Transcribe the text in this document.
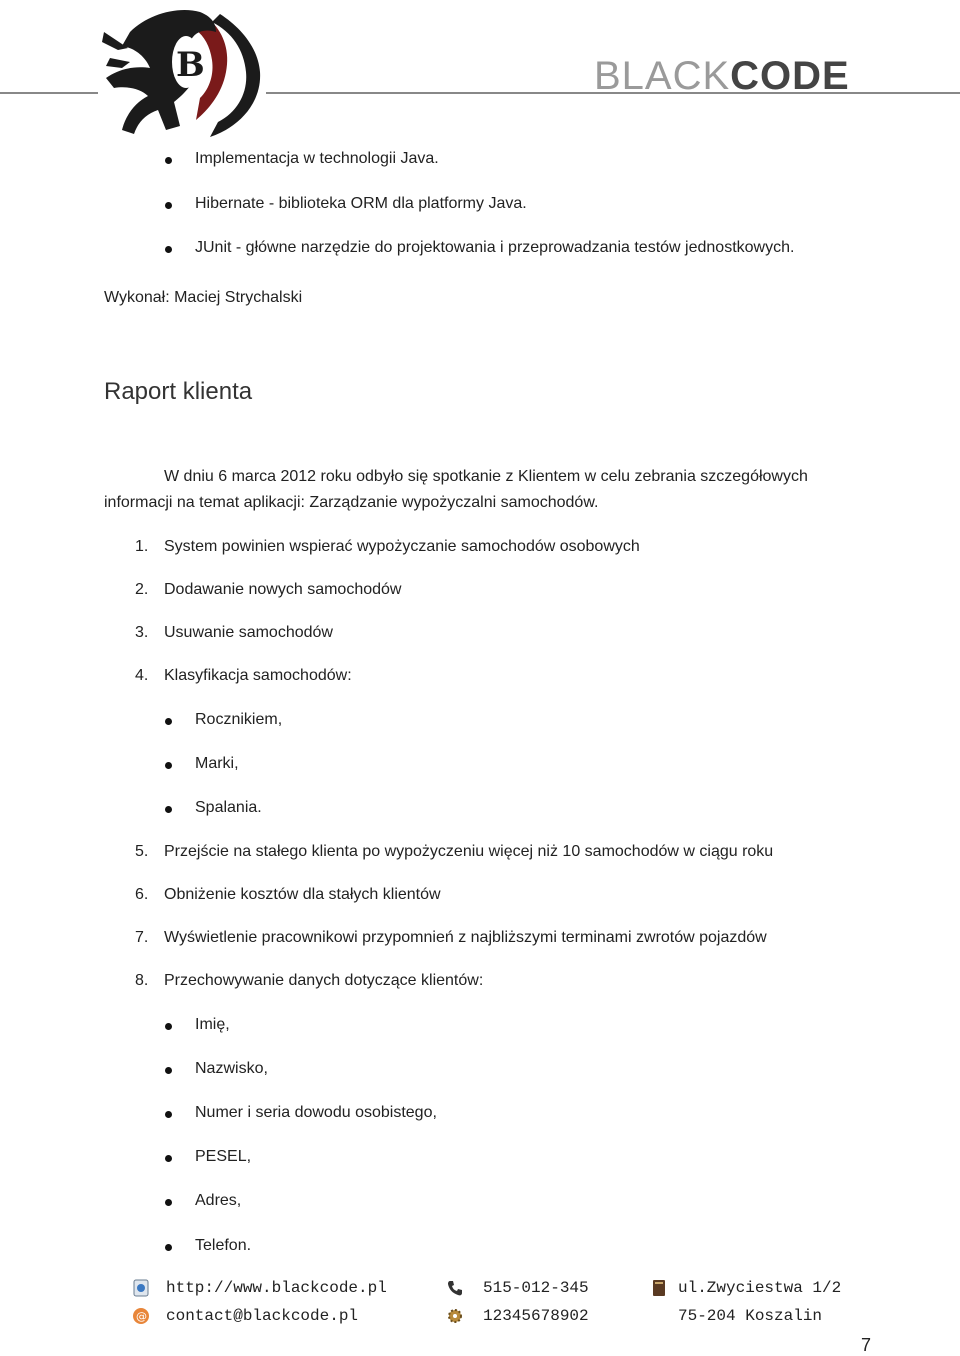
B	BLACKCODE
Implementacja w technologii Java.
Hibernate - biblioteka ORM dla platformy Java.
JUnit - główne narzędzie do projektowania i przeprowadzania testów jednostkowych.
Wykonał: Maciej Strychalski
Raport klienta
W dniu 6 marca 2012 roku odbyło się spotkanie z Klientem w celu zebrania szczegółowych
informacji na temat aplikacji: Zarządzanie wypożyczalni samochodów.
1. System powinien wspierać wypożyczanie samochodów osobowych
2. Dodawanie nowych samochodów
3. Usuwanie samochodów
4. Klasyfikacja samochodów:
Rocznikiem,
Marki,
Spalania.
5. Przejście na stałego klienta po wypożyczeniu więcej niż 10 samochodów w ciągu roku
6. Obniżenie kosztów dla stałych klientów
7. Wyświetlenie pracownikowi przypomnień z najbliższymi terminami zwrotów pojazdów
8. Przechowywanie danych dotyczące klientów:
Imię,
Nazwisko,
Numer i seria dowodu osobistego,
PESEL,
Adres,
Telefon.
http://www.blackcode.pl
@ contact@blackcode.pl
515-012-345
12345678902
ul.Zwyciestwa 1/2
75-204 Koszalin
7
